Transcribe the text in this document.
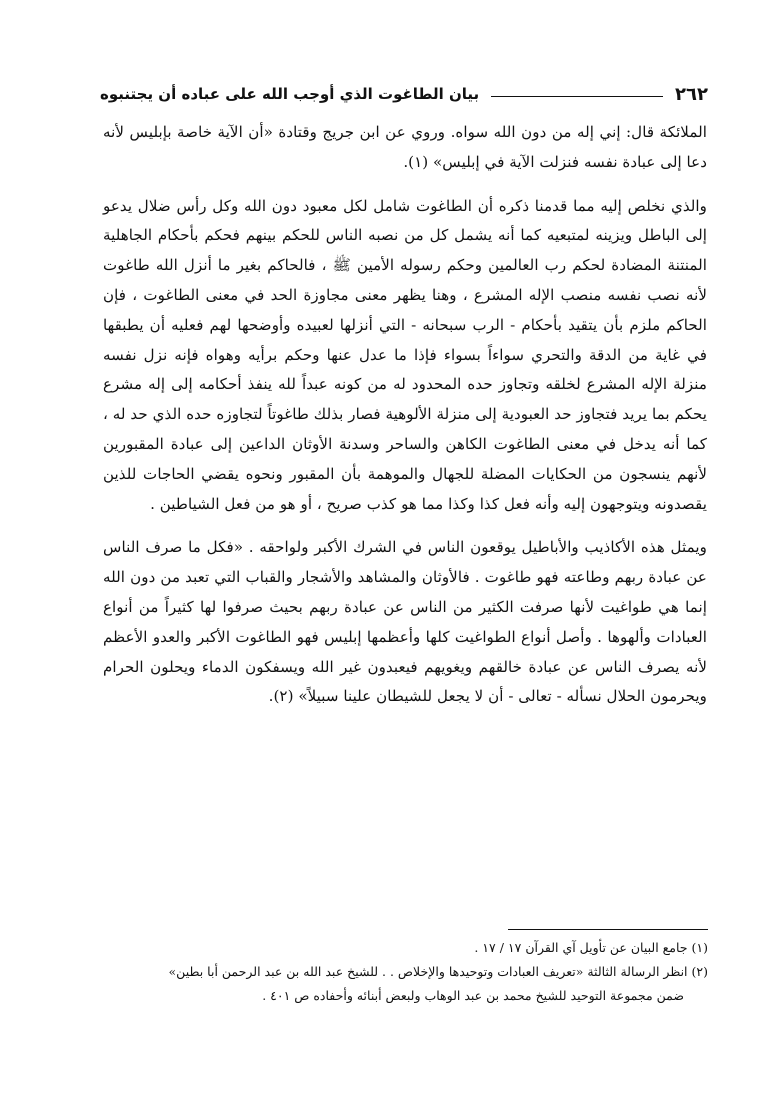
٢٦٢
بيان الطاغوت الذي أوجب الله على عباده أن يجتنبوه

الملائكة قال: إني إله من دون الله سواه. وروي عن ابن جريج وقتادة «أن الآية خاصة بإبليس لأنه دعا إلى عبادة نفسه فنزلت الآية في إبليس» (١).

والذي نخلص إليه مما قدمنا ذكره أن الطاغوت شامل لكل معبود دون الله وكل رأس ضلال يدعو إلى الباطل ويزينه لمتبعيه كما أنه يشمل كل من نصبه الناس للحكم بينهم فحكم بأحكام الجاهلية المنتنة المضادة لحكم رب العالمين وحكم رسوله الأمين ﷺ ، فالحاكم بغير ما أنزل الله طاغوت لأنه نصب نفسه منصب الإله المشرع ، وهنا يظهر معنى مجاوزة الحد في معنى الطاغوت ، فإن الحاكم ملزم بأن يتقيد بأحكام - الرب سبحانه - التي أنزلها لعبيده وأوضحها لهم فعليه أن يطبقها في غاية من الدقة والتحري سواءاً بسواء فإذا ما عدل عنها وحكم برأيه وهواه فإنه نزل نفسه منزلة الإله المشرع لخلقه وتجاوز حده المحدود له من كونه عبداً لله ينفذ أحكامه إلى إله مشرع يحكم بما يريد فتجاوز حد العبودية إلى منزلة الألوهية فصار بذلك طاغوتاً لتجاوزه حده الذي حد له ، كما أنه يدخل في معنى الطاغوت الكاهن والساحر وسدنة الأوثان الداعين إلى عبادة المقبورين لأنهم ينسجون من الحكايات المضلة للجهال والموهمة بأن المقبور ونحوه يقضي الحاجات للذين يقصدونه ويتوجهون إليه وأنه فعل كذا وكذا مما هو كذب صريح ، أو هو من فعل الشياطين .

ويمثل هذه الأكاذيب والأباطيل يوقعون الناس في الشرك الأكبر ولواحقه . «فكل ما صرف الناس عن عبادة ربهم وطاعته فهو طاغوت . فالأوثان والمشاهد والأشجار والقباب التي تعبد من دون الله إنما هي طواغيت لأنها صرفت الكثير من الناس عن عبادة ربهم بحيث صرفوا لها كثيراً من أنواع العبادات وألهوها . وأصل أنواع الطواغيت كلها وأعظمها إبليس فهو الطاغوت الأكبر والعدو الأعظم لأنه يصرف الناس عن عبادة خالقهم ويغويهم فيعبدون غير الله ويسفكون الدماء ويحلون الحرام ويحرمون الحلال نسأله - تعالى - أن لا يجعل للشيطان علينا سبيلاً» (٢).

(١) جامع البيان عن تأويل آي القرآن ١٧ / ١٧ .

(٢) انظر الرسالة الثالثة «تعريف العبادات وتوحيدها والإخلاص . . للشيخ عبد الله بن عبد الرحمن أبا بطين»

ضمن مجموعة التوحيد للشيخ محمد بن عبد الوهاب ولبعض أبنائه وأحفاده ص ٤٠١ .
